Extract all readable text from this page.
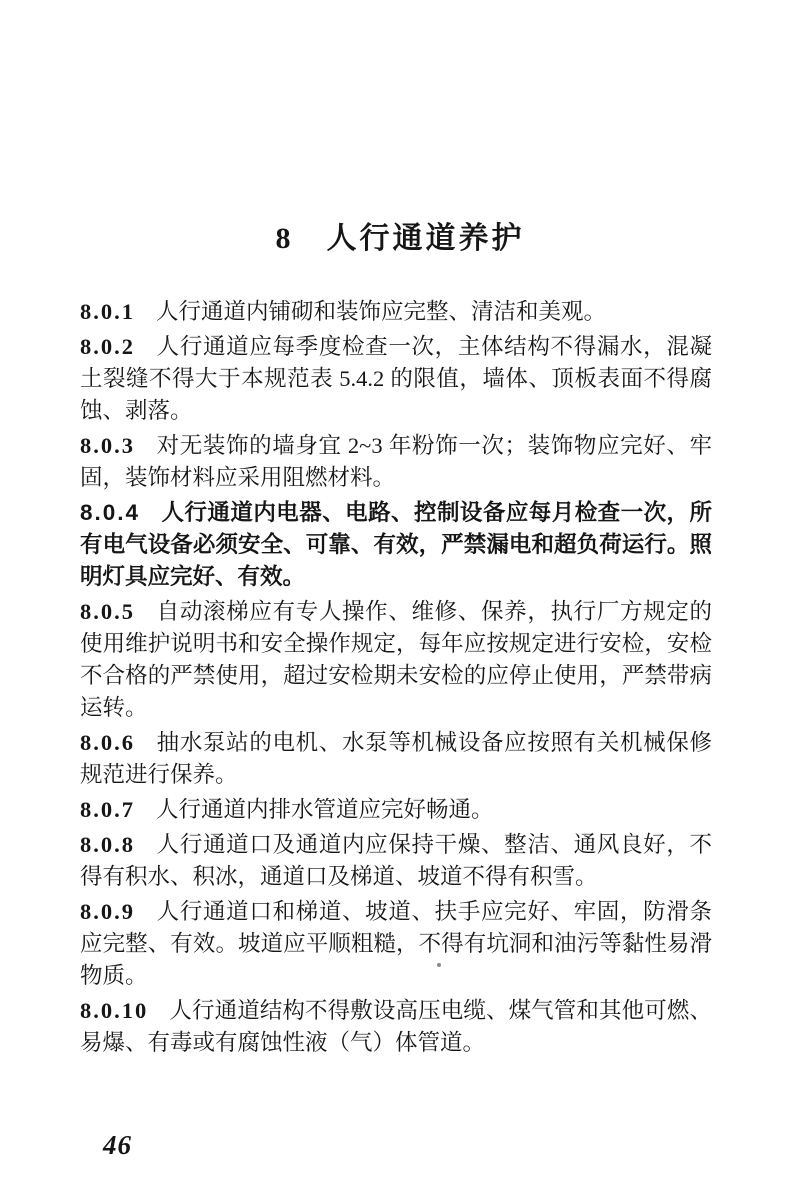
8 人行通道养护

8.0.1 人行通道内铺砌和装饰应完整、清洁和美观。

8.0.2 人行通道应每季度检查一次，主体结构不得漏水，混凝土裂缝不得大于本规范表 5.4.2 的限值，墙体、顶板表面不得腐蚀、剥落。

8.0.3 对无装饰的墙身宜 2~3 年粉饰一次；装饰物应完好、牢固，装饰材料应采用阻燃材料。

8.0.4 人行通道内电器、电路、控制设备应每月检查一次，所有电气设备必须安全、可靠、有效，严禁漏电和超负荷运行。照明灯具应完好、有效。

8.0.5 自动滚梯应有专人操作、维修、保养，执行厂方规定的使用维护说明书和安全操作规定，每年应按规定进行安检，安检不合格的严禁使用，超过安检期未安检的应停止使用，严禁带病运转。

8.0.6 抽水泵站的电机、水泵等机械设备应按照有关机械保修规范进行保养。

8.0.7 人行通道内排水管道应完好畅通。

8.0.8 人行通道口及通道内应保持干燥、整洁、通风良好，不得有积水、积冰，通道口及梯道、坡道不得有积雪。

8.0.9 人行通道口和梯道、坡道、扶手应完好、牢固，防滑条应完整、有效。坡道应平顺粗糙，不得有坑洞和油污等黏性易滑物质。

8.0.10 人行通道结构不得敷设高压电缆、煤气管和其他可燃、易爆、有毒或有腐蚀性液（气）体管道。

46
